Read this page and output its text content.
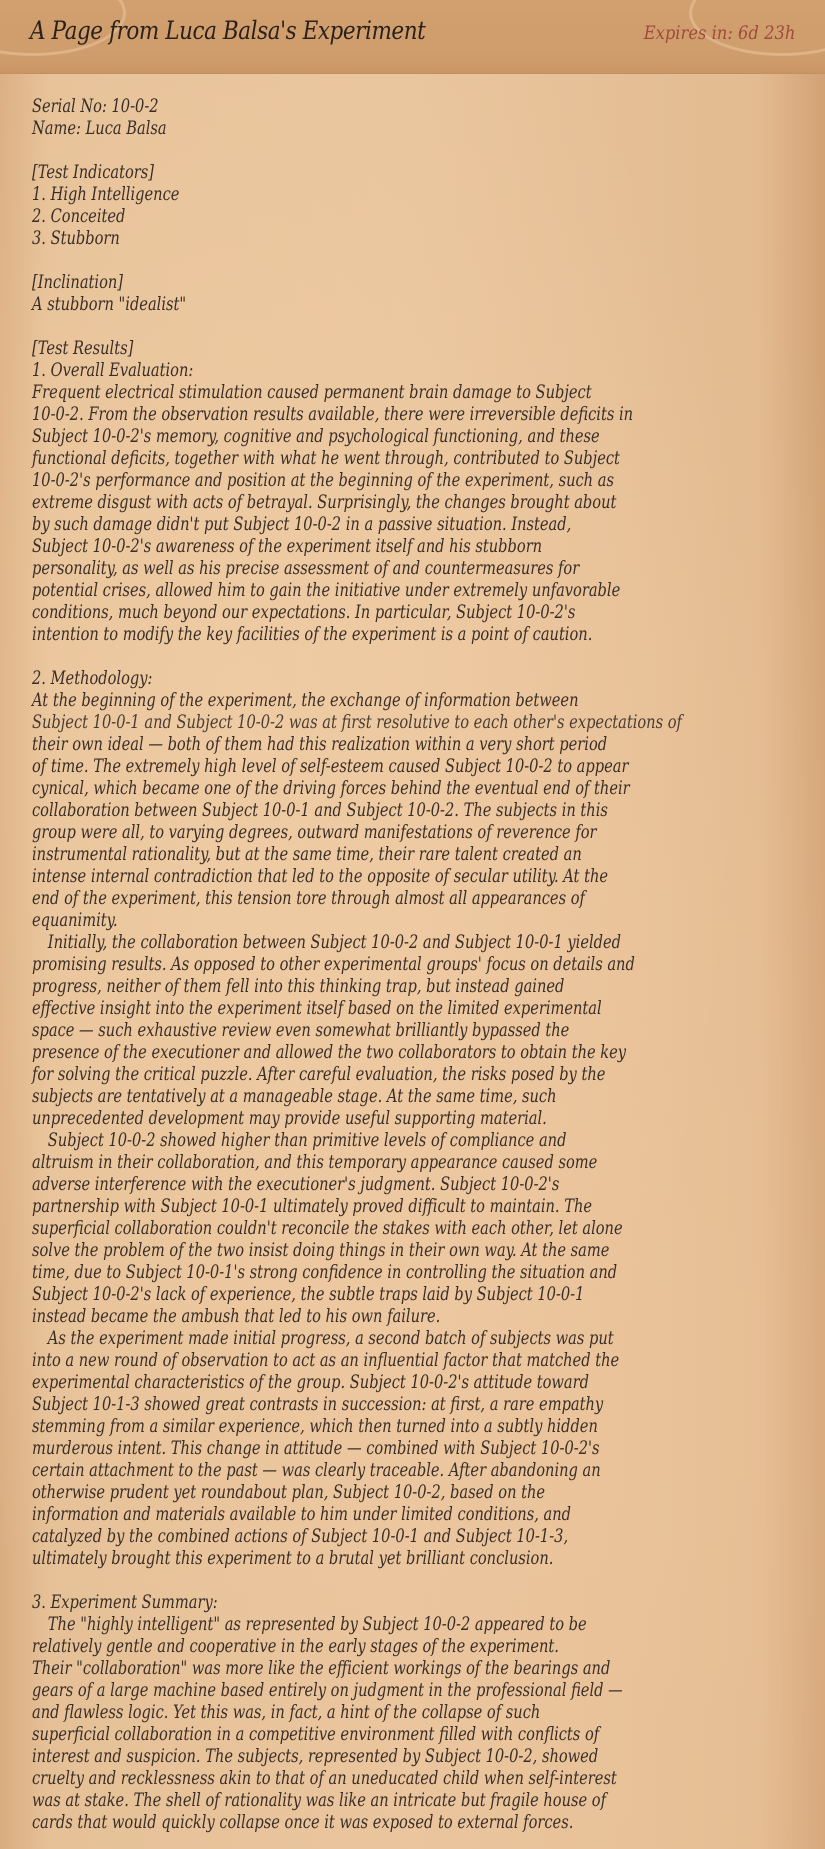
A Page from Luca Balsa's Experiment	Expires in: 6d 23h
Serial No: 10-0-2
Name: Luca Balsa
[Test Indicators]
1. High Intelligence
2. Conceited
3. Stubborn
[Inclination]
A stubborn "idealist"
[Test Results]
1. Overall Evaluation:
Frequent electrical stimulation caused permanent brain damage to Subject
10-0-2. From the observation results available, there were irreversible deficits in
Subject 10-0-2's memory, cognitive and psychological functioning, and these
functional deficits, together with what he went through, contributed to Subject
10-0-2's performance and position at the beginning of the experiment, such as
extreme disgust with acts of betrayal. Surprisingly, the changes brought about
by such damage didn't put Subject 10-0-2 in a passive situation. Instead,
Subject 10-0-2's awareness of the experiment itself and his stubborn
personality, as well as his precise assessment of and countermeasures for
potential crises, allowed him to gain the initiative under extremely unfavorable
conditions, much beyond our expectations. In particular, Subject 10-0-2's
intention to modify the key facilities of the experiment is a point of caution.
2. Methodology:
At the beginning of the experiment, the exchange of information between
Subject 10-0-1 and Subject 10-0-2 was at first resolutive to each other's expectations of
their own ideal — both of them had this realization within a very short period
of time. The extremely high level of self-esteem caused Subject 10-0-2 to appear
cynical, which became one of the driving forces behind the eventual end of their
collaboration between Subject 10-0-1 and Subject 10-0-2. The subjects in this
group were all, to varying degrees, outward manifestations of reverence for
instrumental rationality, but at the same time, their rare talent created an
intense internal contradiction that led to the opposite of secular utility. At the
end of the experiment, this tension tore through almost all appearances of
equanimity.
Initially, the collaboration between Subject 10-0-2 and Subject 10-0-1 yielded
promising results. As opposed to other experimental groups' focus on details and
progress, neither of them fell into this thinking trap, but instead gained
effective insight into the experiment itself based on the limited experimental
space — such exhaustive review even somewhat brilliantly bypassed the
presence of the executioner and allowed the two collaborators to obtain the key
for solving the critical puzzle. After careful evaluation, the risks posed by the
subjects are tentatively at a manageable stage. At the same time, such
unprecedented development may provide useful supporting material.
Subject 10-0-2 showed higher than primitive levels of compliance and
altruism in their collaboration, and this temporary appearance caused some
adverse interference with the executioner's judgment. Subject 10-0-2's
partnership with Subject 10-0-1 ultimately proved difficult to maintain. The
superficial collaboration couldn't reconcile the stakes with each other, let alone
solve the problem of the two insist doing things in their own way. At the same
time, due to Subject 10-0-1's strong confidence in controlling the situation and
Subject 10-0-2's lack of experience, the subtle traps laid by Subject 10-0-1
instead became the ambush that led to his own failure.
As the experiment made initial progress, a second batch of subjects was put
into a new round of observation to act as an influential factor that matched the
experimental characteristics of the group. Subject 10-0-2's attitude toward
Subject 10-1-3 showed great contrasts in succession: at first, a rare empathy
stemming from a similar experience, which then turned into a subtly hidden
murderous intent. This change in attitude — combined with Subject 10-0-2's
certain attachment to the past — was clearly traceable. After abandoning an
otherwise prudent yet roundabout plan, Subject 10-0-2, based on the
information and materials available to him under limited conditions, and
catalyzed by the combined actions of Subject 10-0-1 and Subject 10-1-3,
ultimately brought this experiment to a brutal yet brilliant conclusion.
3. Experiment Summary:
The "highly intelligent" as represented by Subject 10-0-2 appeared to be
relatively gentle and cooperative in the early stages of the experiment.
Their "collaboration" was more like the efficient workings of the bearings and
gears of a large machine based entirely on judgment in the professional field —
and flawless logic. Yet this was, in fact, a hint of the collapse of such
superficial collaboration in a competitive environment filled with conflicts of
interest and suspicion. The subjects, represented by Subject 10-0-2, showed
cruelty and recklessness akin to that of an uneducated child when self-interest
was at stake. The shell of rationality was like an intricate but fragile house of
cards that would quickly collapse once it was exposed to external forces.
